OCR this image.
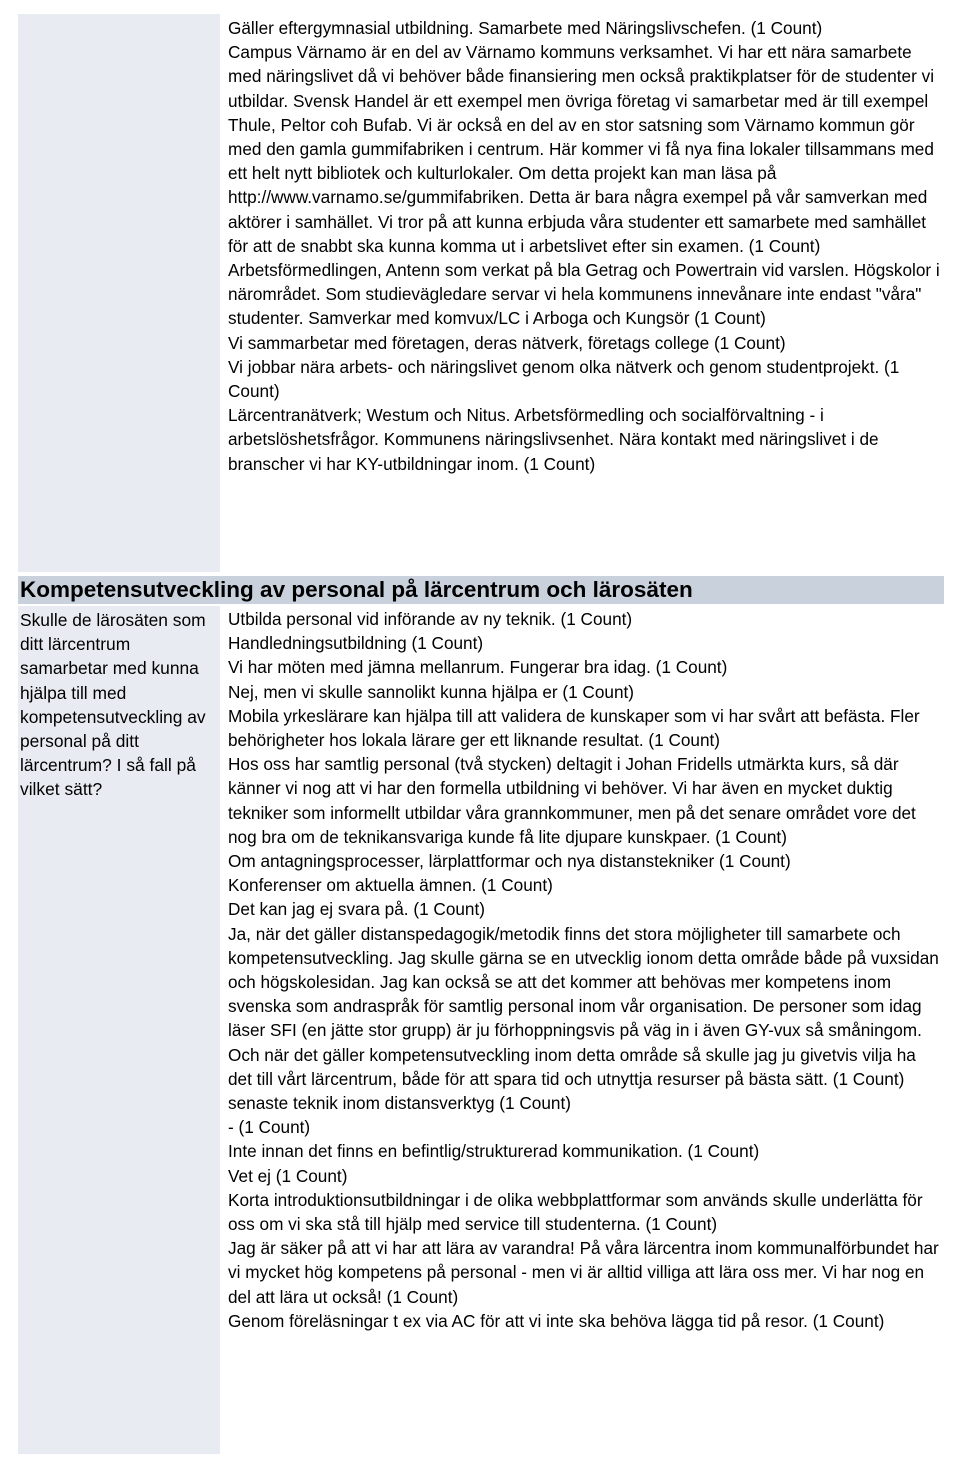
Gäller eftergymnasial utbildning. Samarbete med Näringslivschefen. (1 Count)

Campus Värnamo är en del av Värnamo kommuns verksamhet. Vi har ett nära samarbete med näringslivet då vi behöver både finansiering men också praktikplatser för de studenter vi utbildar. Svensk Handel är ett exempel men övriga företag vi samarbetar med är till exempel Thule, Peltor coh Bufab. Vi är också en del av en stor satsning som Värnamo kommun gör med den gamla gummifabriken i centrum. Här kommer vi få nya fina lokaler tillsammans med ett helt nytt bibliotek och kulturlokaler. Om detta projekt kan man läsa på http://www.varnamo.se/gummifabriken. Detta är bara några exempel på vår samverkan med aktörer i samhället. Vi tror på att kunna erbjuda våra studenter ett samarbete med samhället för att de snabbt ska kunna komma ut i arbetslivet efter sin examen. (1 Count)

Arbetsförmedlingen, Antenn som verkat på bla Getrag och Powertrain vid varslen. Högskolor i närområdet. Som studievägledare servar vi hela kommunens innevånare inte endast "våra" studenter. Samverkar med komvux/LC i Arboga och Kungsör (1 Count)

Vi sammarbetar med företagen, deras nätverk, företags college (1 Count)

Vi jobbar nära arbets- och näringslivet genom olka nätverk och genom studentprojekt. (1 Count)

Lärcentranätverk; Westum och Nitus. Arbetsförmedling och socialförvaltning - i arbetslöshetsfrågor. Kommunens näringslivsenhet. Nära kontakt med näringslivet i de branscher vi har KY-utbildningar inom. (1 Count)

Kompetensutveckling av personal på lärcentrum och lärosäten

Skulle de lärosäten som ditt lärcentrum samarbetar med kunna hjälpa till med kompetensutveckling av personal på ditt lärcentrum? I så fall på vilket sätt?

Utbilda personal vid införande av ny teknik. (1 Count)

Handledningsutbildning (1 Count)

Vi har möten med jämna mellanrum. Fungerar bra idag. (1 Count)

Nej, men vi skulle sannolikt kunna hjälpa er (1 Count)

Mobila yrkeslärare kan hjälpa till att validera de kunskaper som vi har svårt att befästa. Fler behörigheter hos lokala lärare ger ett liknande resultat. (1 Count)

Hos oss har samtlig personal (två stycken) deltagit i Johan Fridells utmärkta kurs, så där känner vi nog att vi har den formella utbildning vi behöver. Vi har även en mycket duktig tekniker som informellt utbildar våra grannkommuner, men på det senare området vore det nog bra om de teknikansvariga kunde få lite djupare kunskpaer. (1 Count)

Om antagningsprocesser, lärplattformar och nya distanstekniker (1 Count)

Konferenser om aktuella ämnen. (1 Count)

Det kan jag ej svara på. (1 Count)

Ja, när det gäller distanspedagogik/metodik finns det stora möjligheter till samarbete och kompetensutveckling. Jag skulle gärna se en utvecklig ionom detta område både på vuxsidan och högskolesidan. Jag kan också se att det kommer att behövas mer kompetens inom svenska som andraspråk för samtlig personal inom vår organisation. De personer som idag läser SFI (en jätte stor grupp) är ju förhoppningsvis på väg in i även GY-vux så småningom. Och när det gäller kompetensutveckling inom detta område så skulle jag ju givetvis vilja ha det till vårt lärcentrum, både för att spara tid och utnyttja resurser på bästa sätt. (1 Count)

senaste teknik inom distansverktyg (1 Count)

- (1 Count)

Inte innan det finns en befintlig/strukturerad kommunikation. (1 Count)

Vet ej (1 Count)

Korta introduktionsutbildningar i de olika webbplattformar som används skulle underlätta för oss om vi ska stå till hjälp med service till studenterna. (1 Count)

Jag är säker på att vi har att lära av varandra! På våra lärcentra inom kommunalförbundet har vi mycket hög kompetens på personal - men vi är alltid villiga att lära oss mer. Vi har nog en del att lära ut också! (1 Count)

Genom föreläsningar t ex via AC för att vi inte ska behöva lägga tid på resor. (1 Count)
